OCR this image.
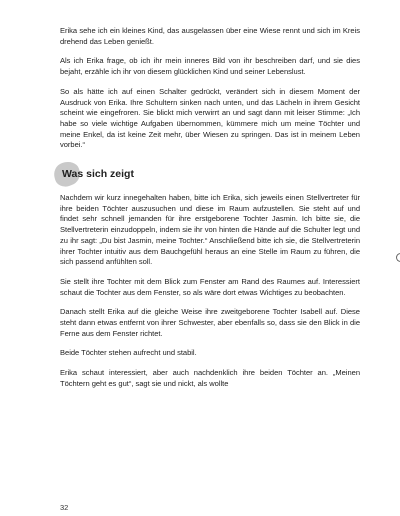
Erika sehe ich ein kleines Kind, das ausgelassen über eine Wiese rennt und sich im Kreis drehend das Leben genießt.

Als ich Erika frage, ob ich ihr mein inneres Bild von ihr beschreiben darf, und sie dies bejaht, erzähle ich ihr von diesem glücklichen Kind und seiner Lebenslust.

So als hätte ich auf einen Schalter gedrückt, verändert sich in diesem Moment der Ausdruck von Erika. Ihre Schultern sinken nach unten, und das Lächeln in ihrem Gesicht scheint wie eingefroren. Sie blickt mich verwirrt an und sagt dann mit leiser Stimme: „Ich habe so viele wichtige Aufgaben übernommen, kümmere mich um meine Töchter und meine Enkel, da ist keine Zeit mehr, über Wiesen zu springen. Das ist in meinem Leben vorbei.“

Was sich zeigt

Nachdem wir kurz innegehalten haben, bitte ich Erika, sich jeweils einen Stellvertreter für ihre beiden Töchter auszusuchen und diese im Raum aufzustellen. Sie steht auf und findet sehr schnell jemanden für ihre erstgeborene Tochter Jasmin. Ich bitte sie, die Stellvertreterin einzudoppeln, indem sie ihr von hinten die Hände auf die Schulter legt und zu ihr sagt: „Du bist Jasmin, meine Tochter.“ Anschließend bitte ich sie, die Stellvertreterin ihrer Tochter intuitiv aus dem Bauchgefühl heraus an eine Stelle im Raum zu führen, die sich passend anfühlten soll.

Sie stellt ihre Tochter mit dem Blick zum Fenster am Rand des Raumes auf. Interessiert schaut die Tochter aus dem Fenster, so als wäre dort etwas Wichtiges zu beobachten.

Danach stellt Erika auf die gleiche Weise ihre zweitgeborene Tochter Isabell auf. Diese steht dann etwas entfernt von ihrer Schwester, aber ebenfalls so, dass sie den Blick in die Ferne aus dem Fenster richtet.

Beide Töchter stehen aufrecht und stabil.

Erika schaut interessiert, aber auch nachdenklich ihre beiden Töchter an. „Meinen Töchtern geht es gut“, sagt sie und nickt, als wollte

32
